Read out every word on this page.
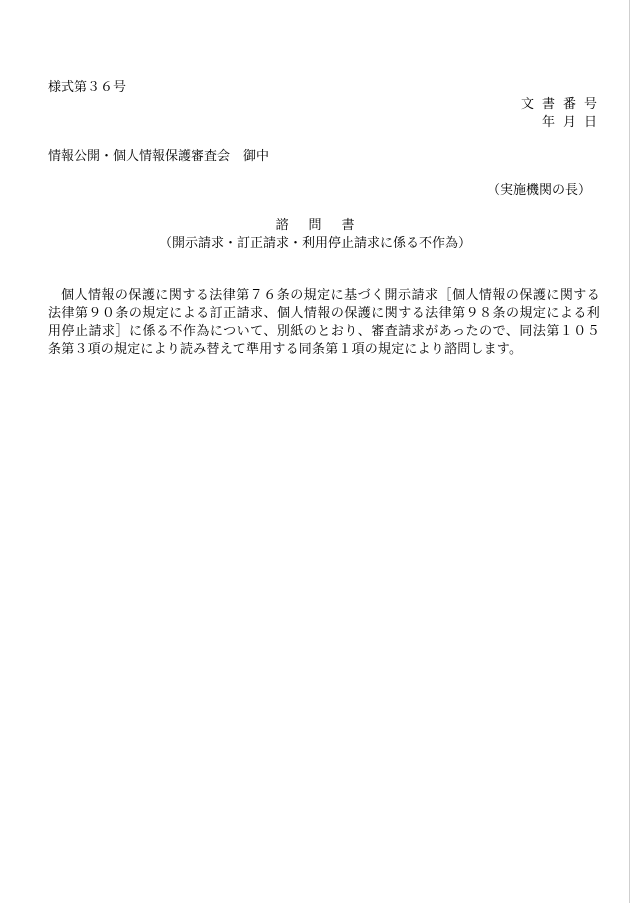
様式第３６号
文書番号
年月日
情報公開・個人情報保護審査会　御中
（実施機関の長）
諮問書
（開示請求・訂正請求・利用停止請求に係る不作為）
個人情報の保護に関する法律第７６条の規定に基づく開示請求［個人情報の保護に関する法律第９０条の規定による訂正請求、個人情報の保護に関する法律第９８条の規定による利用停止請求］に係る不作為について、別紙のとおり、審査請求があったので、同法第１０５条第３項の規定により読み替えて準用する同条第１項の規定により諮問します。
